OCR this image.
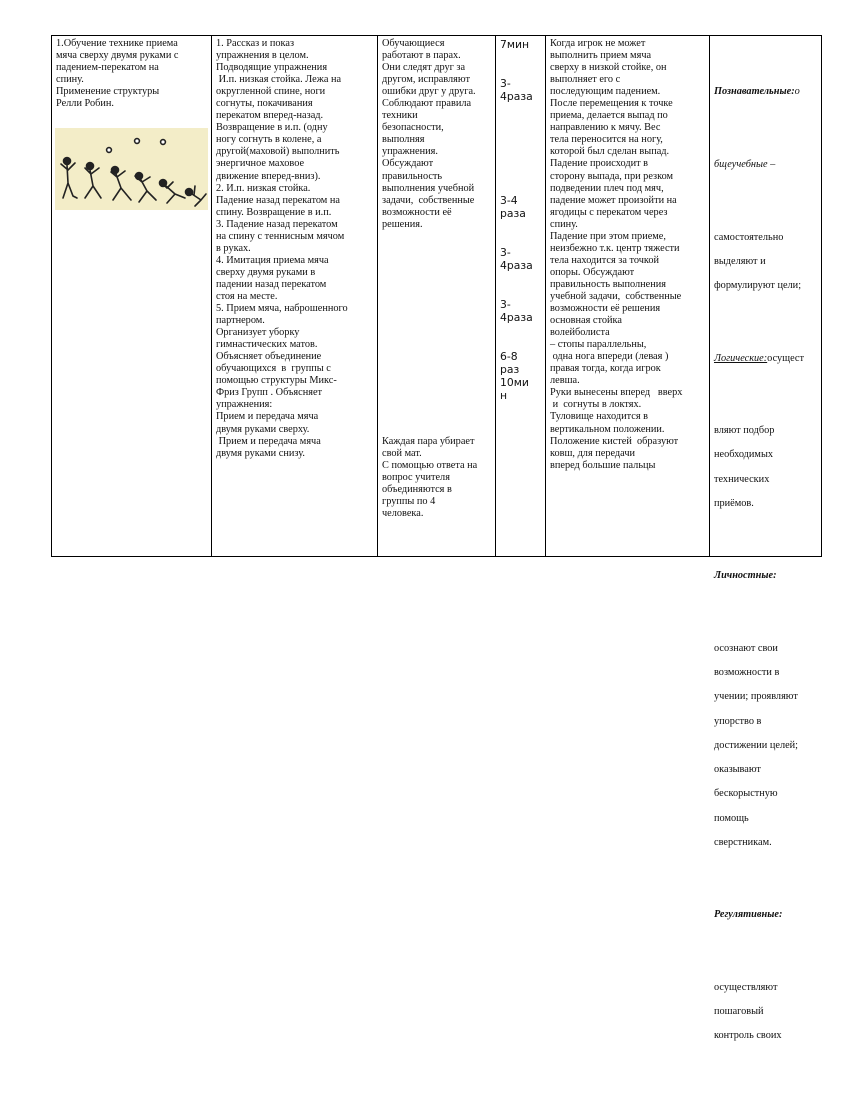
1.Обучение технике приема
мяча сверху двумя руками с
падением-перекатом на
спину.
Применение структуры
Релли Робин.
1. Рассказ и показ
упражнения в целом.
Подводящие упражнения
И.п. низкая стойка. Лежа на
округленной спине, ноги
согнуты, покачивания
перекатом вперед-назад.
Возвращение в и.п. (одну
ногу согнуть в колене, а
другой(маховой) выполнить
энергичное маховое
движение вперед-вниз).
2. И.п. низкая стойка.
Падение назад перекатом на
спину. Возвращение в и.п.
3. Падение назад перекатом
на спину с теннисным мячом
в руках.
4. Имитация приема мяча
сверху двумя руками в
падении назад перекатом
стоя на месте.
5. Прием мяча, наброшенного
партнером.
Организует уборку
гимнастических матов.
Объясняет объединение
обучающихся  в  группы с
помощью структуры Микс-
Фриз Групп . Объясняет
упражнения:
Прием и передача мяча
двумя руками сверху.
Прием и передача мяча
двумя руками снизу.
Обучающиеся
работают в парах.
Они следят друг за
другом, исправляют
ошибки друг у друга.
Соблюдают правила
техники
безопасности,
выполняя
упражнения.
Обсуждают
правильность
выполнения учебной
задачи,  собственные
возможности её
решения.
Каждая пара убирает
свой мат.
С помощью ответа на
вопрос учителя
объединяются в
группы по 4
человека.
7мин
3-
4раза
3-4
раза
3-
4раза
3-
4раза
6-8
раз
10ми
н
Когда игрок не может
выполнить прием мяча
сверху в низкой стойке, он
выполняет его с
последующим падением.
После перемещения к точке
приема, делается выпад по
направлению к мячу. Вес
тела переносится на ногу,
которой был сделан выпад.
Падение происходит в
сторону выпада, при резком
подведении плеч под мяч,
падение может произойти на
ягодицы с перекатом через
спину.
Падение при этом приеме,
неизбежно т.к. центр тяжести
тела находится за точкой
опоры. Обсуждают
правильность выполнения
учебной задачи,  собственные
возможности её решения
основная стойка
волейболиста
– стопы параллельны,
одна нога впереди (левая )
правая тогда, когда игрок
левша.
Руки вынесены вперед   вверх
и  согнуты в локтях.
Туловище находится в
вертикальном положении.
Положение кистей  образуют
ковш, для передачи
вперед большие пальцы

Познавательные:о

бщеучебные –

самостоятельно
выделяют и
формулируют цели;

Логические:осущест

вляют подбор
необходимых
технических
приёмов.

Личностные:

осознают свои
возможности в
учении; проявляют
упорство в
достижении целей;
оказывают
бескорыстную
помощь
сверстникам.

Регулятивные:

осуществляют
пошаговый
контроль своих
